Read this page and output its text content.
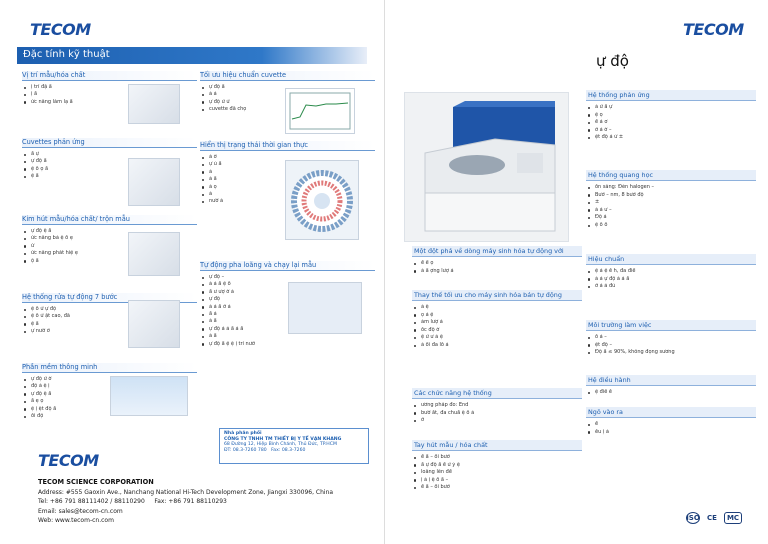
TECOM
Đặc tính kỹ thuật
Vị trí mẫu/hóa chất
ị trí đặ ẩ
ị ẩ
ức năng làm lạ ẩ
Cuvettes phản ứng
ẩ ự
ự độ ẩ
ệ ố ọ ẩ
ệ ẩ
Kim hút mẫu/hóa chất/ trộn mẫu
ự độ ệ ẩ
ức năng bả ệ ố ẹ
ừ
ức năng phát hiệ ẹ
ộ ẩ
Hệ thống rửa tự động 7 bước
ệ ố ử ự độ
ệ ố ử ặt cao, đã
ệ ẩ
ự nướ ờ
Phần mềm thông minh
ự độ ử ờ
độ ả ệ ị
ự độ ệ ẩ
ẩ ẹ ọ
ệ ị ệt độ ẩ
ối độ
Tối ưu hiệu chuẩn cuvette
ự độ ẩ
ả ả
ự độ ử ử
cuvette đã chọ
Hiển thị trạng thái thời gian thực
ả ờ
ự ủ ẩ
ả
ả ẩ
ả ọ
ả
nướ ả
Tự động pha loãng và chạy lại mẫu
ự độ –
ả ả ẩ ệ ố
ẩ ư ượ ờ ả
ự độ
ả ả ẩ ờ ả
ẩ ả
ả ẩ
ự độ ả ả ẩ ả ẩ
ả ẩ
ự độ ẩ ệ ệ ị trí nướ
Nhà phân phối
CÔNG TY TNHH TM THIẾT BỊ Y TẾ VẠN KHANG
68 Đường 12, Hiệp Bình Chánh, Thủ Đức, TP.HCM
ĐT: 08.3-7260 780 Fax: 08.3-7260
TECOM
TECOM SCIENCE CORPORATION
Address: #555 Gaoxin Ave., Nanchang National Hi-Tech Development Zone, Jiangxi 330096, China
Tel: +86 791 88111402 / 88110290 Fax: +86 791 88110293
Email: sales@tecom-cn.com
Web: www.tecom-cn.com
TECOM
ự độ
Hệ thống phản ứng
ả ử ẩ ự
ệ ọ
ể ả ơ
ờ ả ờ –
ệt độ ả ử ±
Hệ thống quang học
ồn sáng: Đèn halogen –
Bướ – nm, 8 bướ độ
±
ả ả ư –
Độ ả
ệ ố ố
Hiệu chuẩn
ệ ả ệ ế h, đa điể
ả ả ự độ ả ả ẩ
ờ ả ả đủ
Môi trường làm việc
ồ ả –
ệt độ –
Độ ẩ ≤ 90%, không đọng sương
Hệ điều hành
ệ điề ề
Ngõ vào ra
ể
ều ị ả
Một đột phá về dòng máy sinh hóa tự động với
ể ể ọ
ả ẩ ợng lượ ả
Thay thế tối ưu cho máy sinh hóa bán tự động
ả ệ
ọ ả ệ
ảm lượ ả
ốc độ ờ
ệ ử ư ả ệ
ả ổi đa lỗ ả
Các chức năng hệ thống
ương pháp đo: End
bướ ất, đa chuẩ ệ ố ả
ờ
Tay hút mẫu / hóa chất
ể ẩ – ổi bướ
ẩ ự độ ẩ ể ử ý ệ
loãng lên để
ị ả ị ệ ố ẩ –
ể ẩ – ổi bướ
ISO	CE	MC
